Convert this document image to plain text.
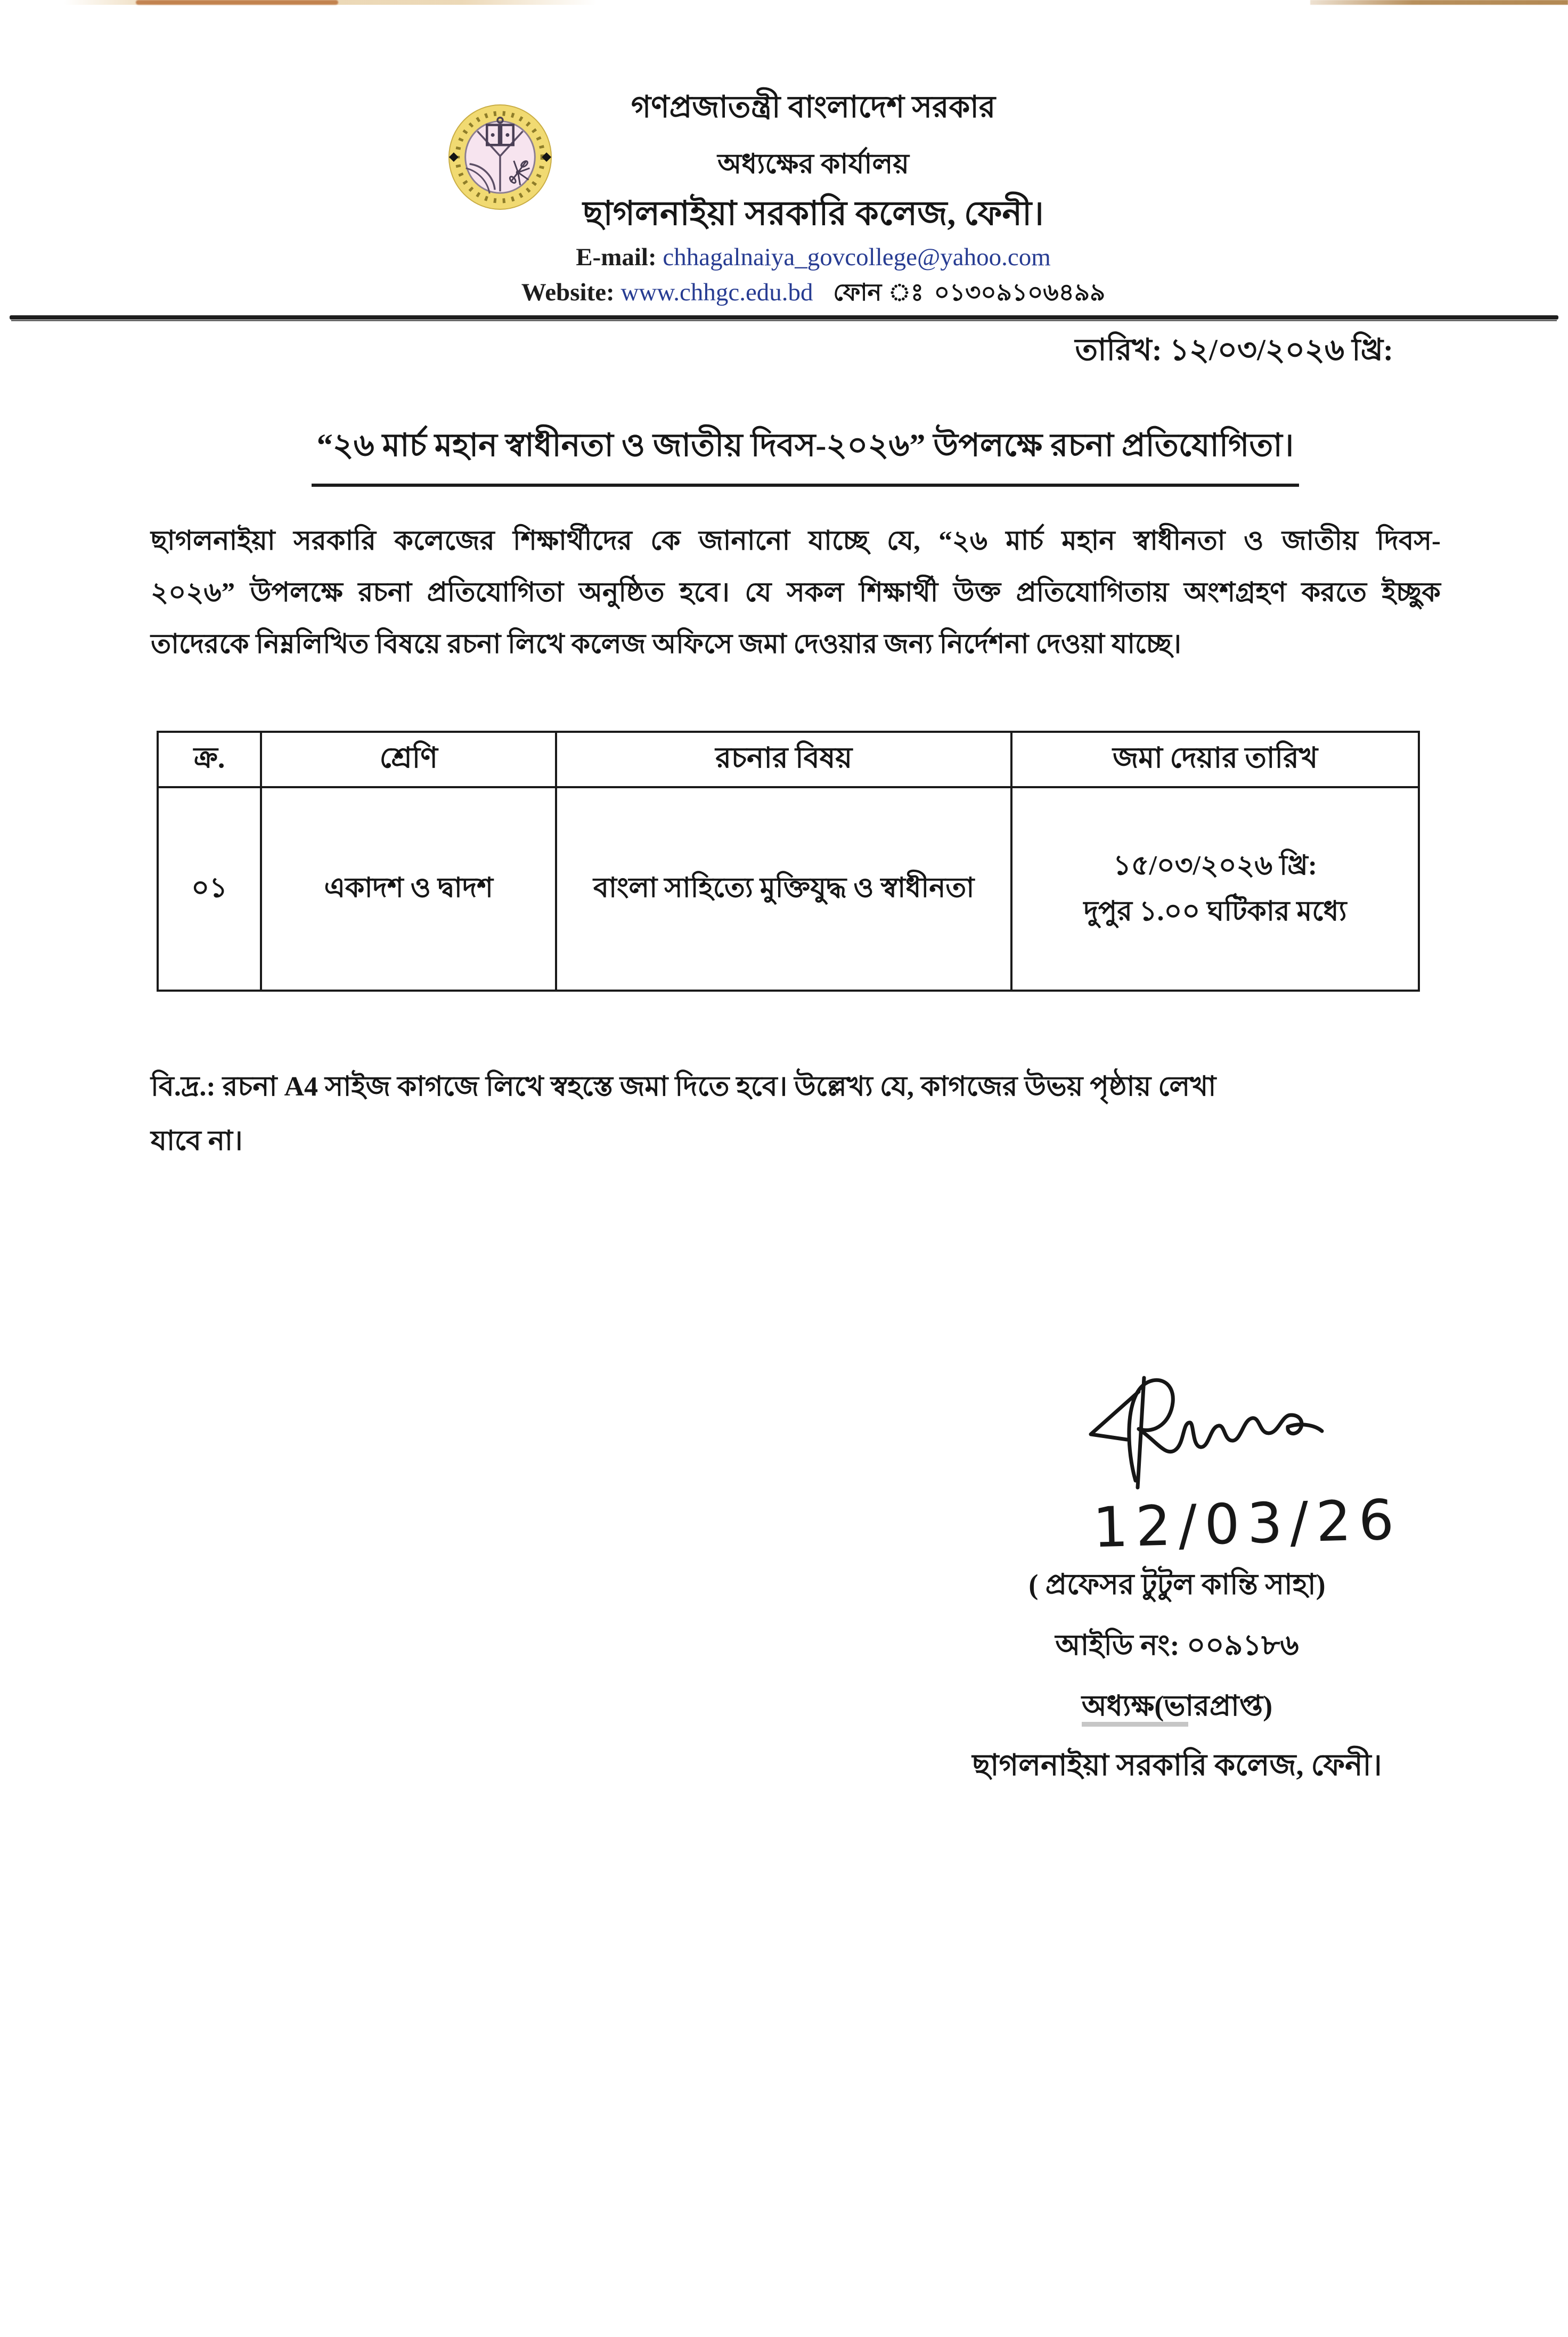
গণপ্রজাতন্ত্রী বাংলাদেশ সরকার
অধ্যক্ষের কার্যালয়
ছাগলনাইয়া সরকারি কলেজ, ফেনী।
E-mail: chhagalnaiya_govcollege@yahoo.com
Website: www.chhgc.edu.bd ফোন ঃ ০১৩০৯১০৬৪৯৯
তারিখ: ১২/০৩/২০২৬ খ্রি:
“২৬ মার্চ মহান স্বাধীনতা ও জাতীয় দিবস-২০২৬” উপলক্ষে রচনা প্রতিযোগিতা।
ছাগলনাইয়া সরকারি কলেজের শিক্ষার্থীদের কে জানানো যাচ্ছে যে, “২৬ মার্চ মহান স্বাধীনতা ও জাতীয় দিবস-
২০২৬” উপলক্ষে রচনা প্রতিযোগিতা অনুষ্ঠিত হবে। যে সকল শিক্ষার্থী উক্ত প্রতিযোগিতায় অংশগ্রহণ করতে ইচ্ছুক
তাদেরকে নিম্নলিখিত বিষয়ে রচনা লিখে কলেজ অফিসে জমা দেওয়ার জন্য নির্দেশনা দেওয়া যাচ্ছে।
ক্র.	শ্রেণি	রচনার বিষয়	জমা দেয়ার তারিখ
০১	একাদশ ও দ্বাদশ	বাংলা সাহিত্যে মুক্তিযুদ্ধ ও স্বাধীনতা	১৫/০৩/২০২৬ খ্রি:
দুপুর ১.০০ ঘটিকার মধ্যে
বি.দ্র.: রচনা A4 সাইজ কাগজে লিখে স্বহস্তে জমা দিতে হবে। উল্লেখ্য যে, কাগজের উভয় পৃষ্ঠায় লেখা
যাবে না।
12/03/26
( প্রফেসর টুটুল কান্তি সাহা)
আইডি নং: ০০৯১৮৬
অধ্যক্ষ(ভারপ্রাপ্ত)
ছাগলনাইয়া সরকারি কলেজ, ফেনী।
